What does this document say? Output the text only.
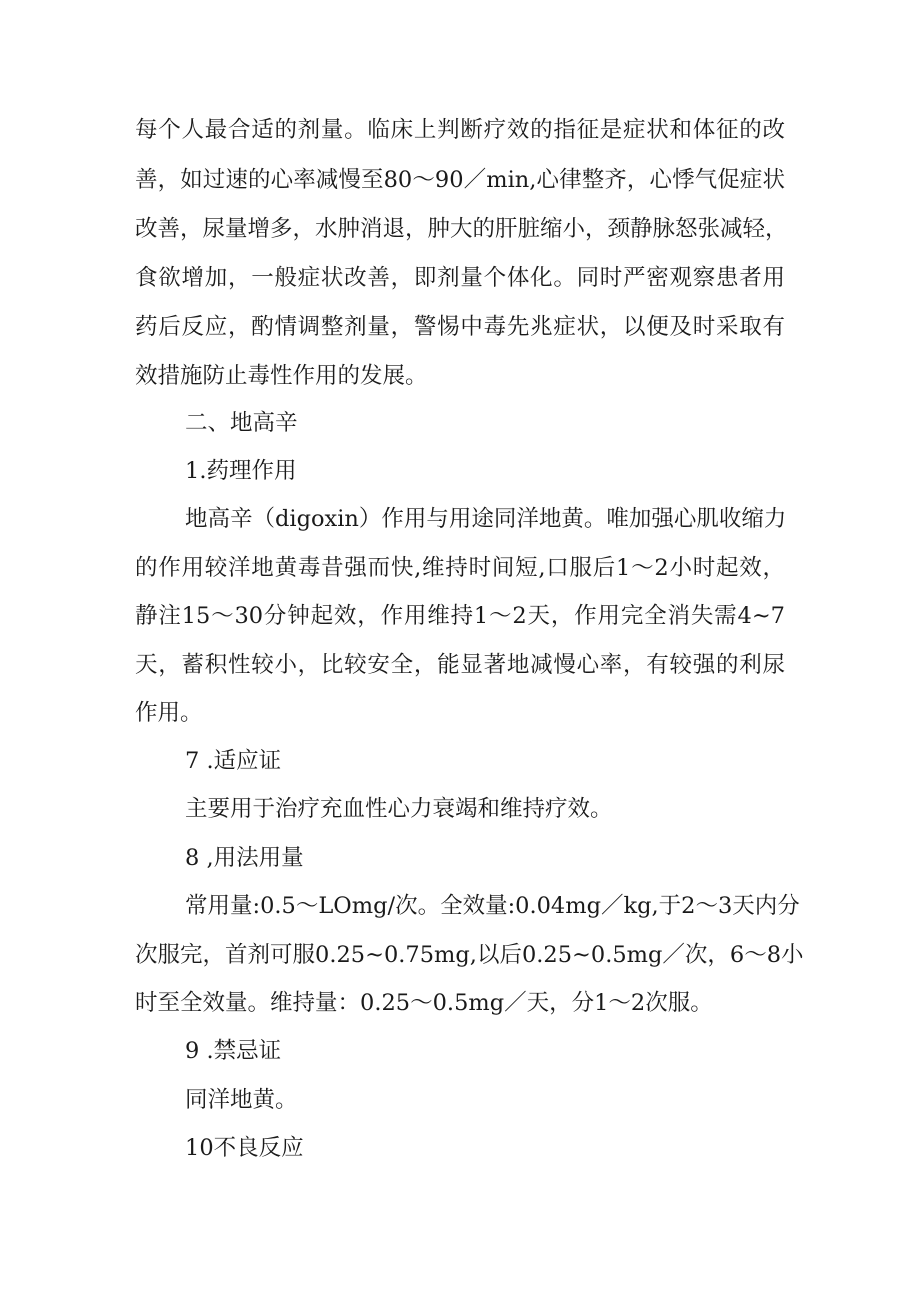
每个人最合适的剂量。临床上判断疗效的指征是症状和体征的改
善，如过速的心率减慢至80～90／min,心律整齐，心悸气促症状
改善，尿量增多，水肿消退，肿大的肝脏缩小，颈静脉怒张减轻，
食欲增加，一般症状改善，即剂量个体化。同时严密观察患者用
药后反应，酌情调整剂量，警惕中毒先兆症状，以便及时采取有
效措施防止毒性作用的发展。
二、地高辛
1.药理作用
地高辛（digoxin）作用与用途同洋地黄。唯加强心肌收缩力
的作用较洋地黄毒昔强而快,维持时间短,口服后1～2小时起效，
静注15～30分钟起效，作用维持1～2天，作用完全消失需4~7
天，蓄积性较小，比较安全，能显著地减慢心率，有较强的利尿
作用。
7 .适应证
主要用于治疗充血性心力衰竭和维持疗效。
8 ,用法用量
常用量:0.5～LOmg/次。全效量:0.04mg／kg,于2～3天内分
次服完，首剂可服0.25~0.75mg,以后0.25~0.5mg／次，6～8小
时至全效量。维持量：0.25～0.5mg／天，分1～2次服。
9 .禁忌证
同洋地黄。
10不良反应
